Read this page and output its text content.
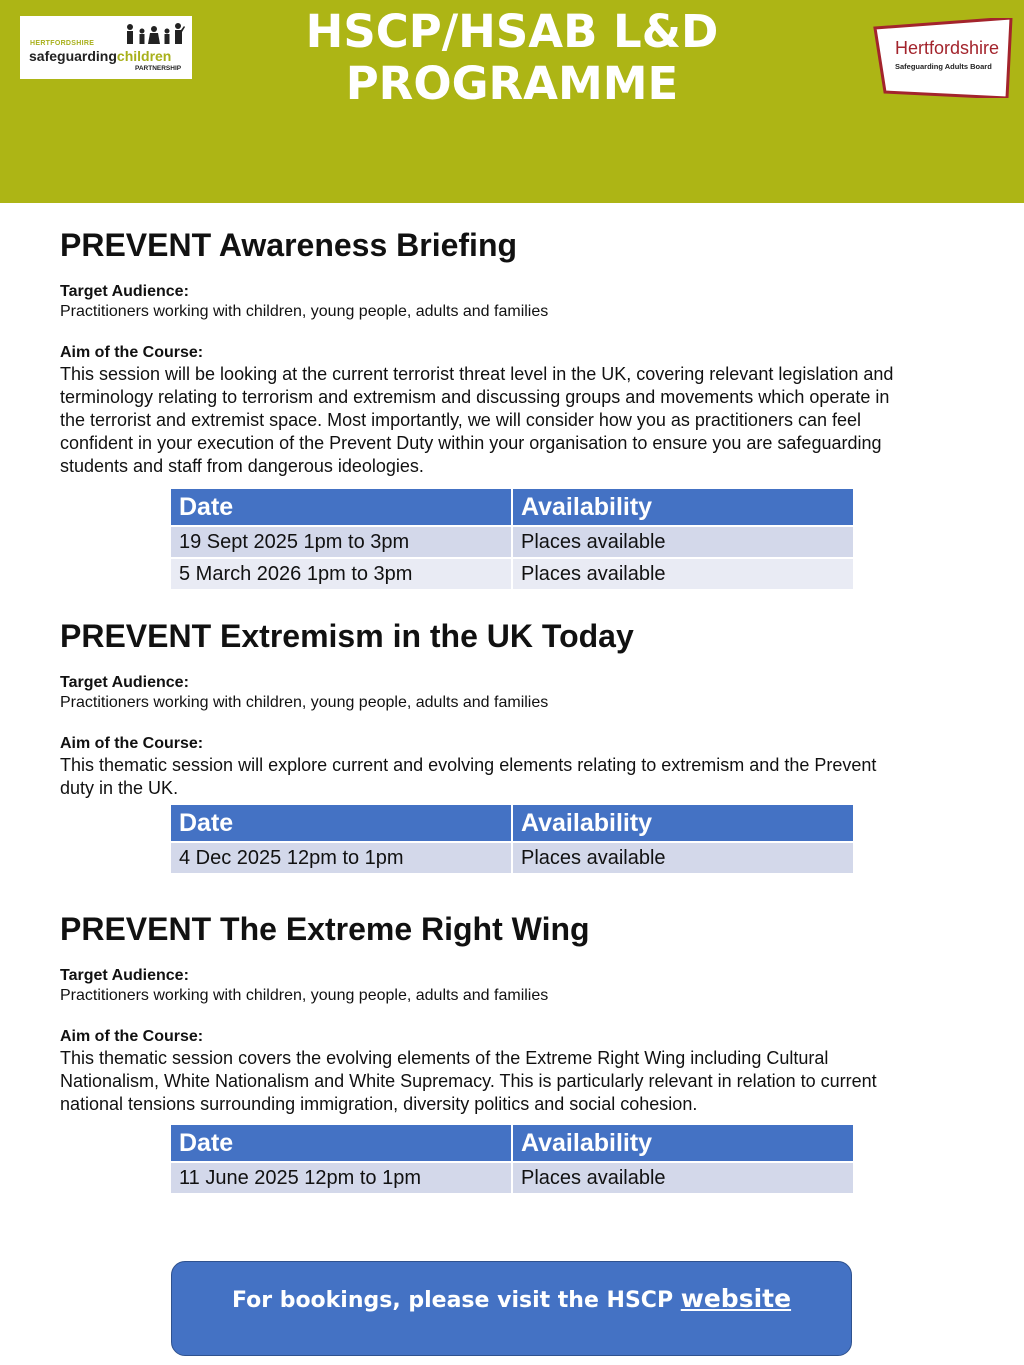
HERTFORDSHIRE
safeguardingchildren
PARTNERSHIP
HSCP/HSAB L&D
PROGRAMME
Hertfordshire
Safeguarding Adults Board
PREVENT Awareness Briefing

Target Audience:

Practitioners working with children, young people, adults and families

Aim of the Course:

This session will be looking at the current terrorist threat level in the UK, covering relevant legislation and

terminology relating to terrorism and extremism and discussing groups and movements which operate in

the terrorist and extremist space. Most importantly, we will consider how you as practitioners can feel

confident in your execution of the Prevent Duty within your organisation to ensure you are safeguarding

students and staff from dangerous ideologies.

Date	Availability
19 Sept 2025 1pm to 3pm	Places available
5 March 2026 1pm to 3pm	Places available
PREVENT Extremism in the UK Today

Target Audience:

Practitioners working with children, young people, adults and families

Aim of the Course:

This thematic session will explore current and evolving elements relating to extremism and the Prevent

duty in the UK.

Date	Availability
4 Dec 2025 12pm to 1pm	Places available
PREVENT The Extreme Right Wing

Target Audience:

Practitioners working with children, young people, adults and families

Aim of the Course:

This thematic session covers the evolving elements of the Extreme Right Wing including Cultural

Nationalism, White Nationalism and White Supremacy. This is particularly relevant in relation to current

national tensions surrounding immigration, diversity politics and social cohesion.

Date	Availability
11 June 2025 12pm to 1pm	Places available
For bookings, please visit the HSCP website
